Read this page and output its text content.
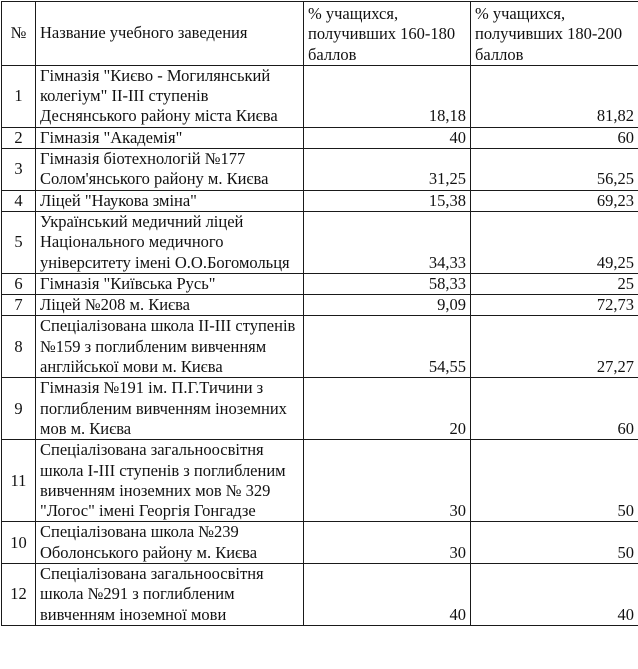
№	Название учебного заведения	% учащихся, получивших 160-180 баллов	% учащихся, получивших 180-200 баллов
1	Гімназія "Києво - Могилянський колегіум" ІІ-ІІІ ступенів Деснянського району міста Києва	18,18	81,82
2	Гімназія "Академія"	40	60
3	Гімназія біотехнологій №177 Солом'янського району м. Києва	31,25	56,25
4	Ліцей "Наукова зміна"	15,38	69,23
5	Український медичний ліцей Національного медичного університету імені О.О.Богомольця	34,33	49,25
6	Гімназія "Київська Русь"	58,33	25
7	Ліцей №208 м. Києва	9,09	72,73
8	Спеціалізована школа ІІ-ІІІ ступенів №159 з поглибленим вивченням англійської мови м. Києва	54,55	27,27
9	Гімназія №191 ім. П.Г.Тичини з поглибленим вивченням іноземних мов м. Києва	20	60
11	Спеціалізована загальноосвітня школа І-ІІІ ступенів з поглибленим вивченням іноземних мов № 329 "Логос" імені Георгія Гонгадзе	30	50
10	Спеціалізована школа №239 Оболонського району м. Києва	30	50
12	Спеціалізована загальноосвітня школа №291 з поглибленим вивченням іноземної мови	40	40
